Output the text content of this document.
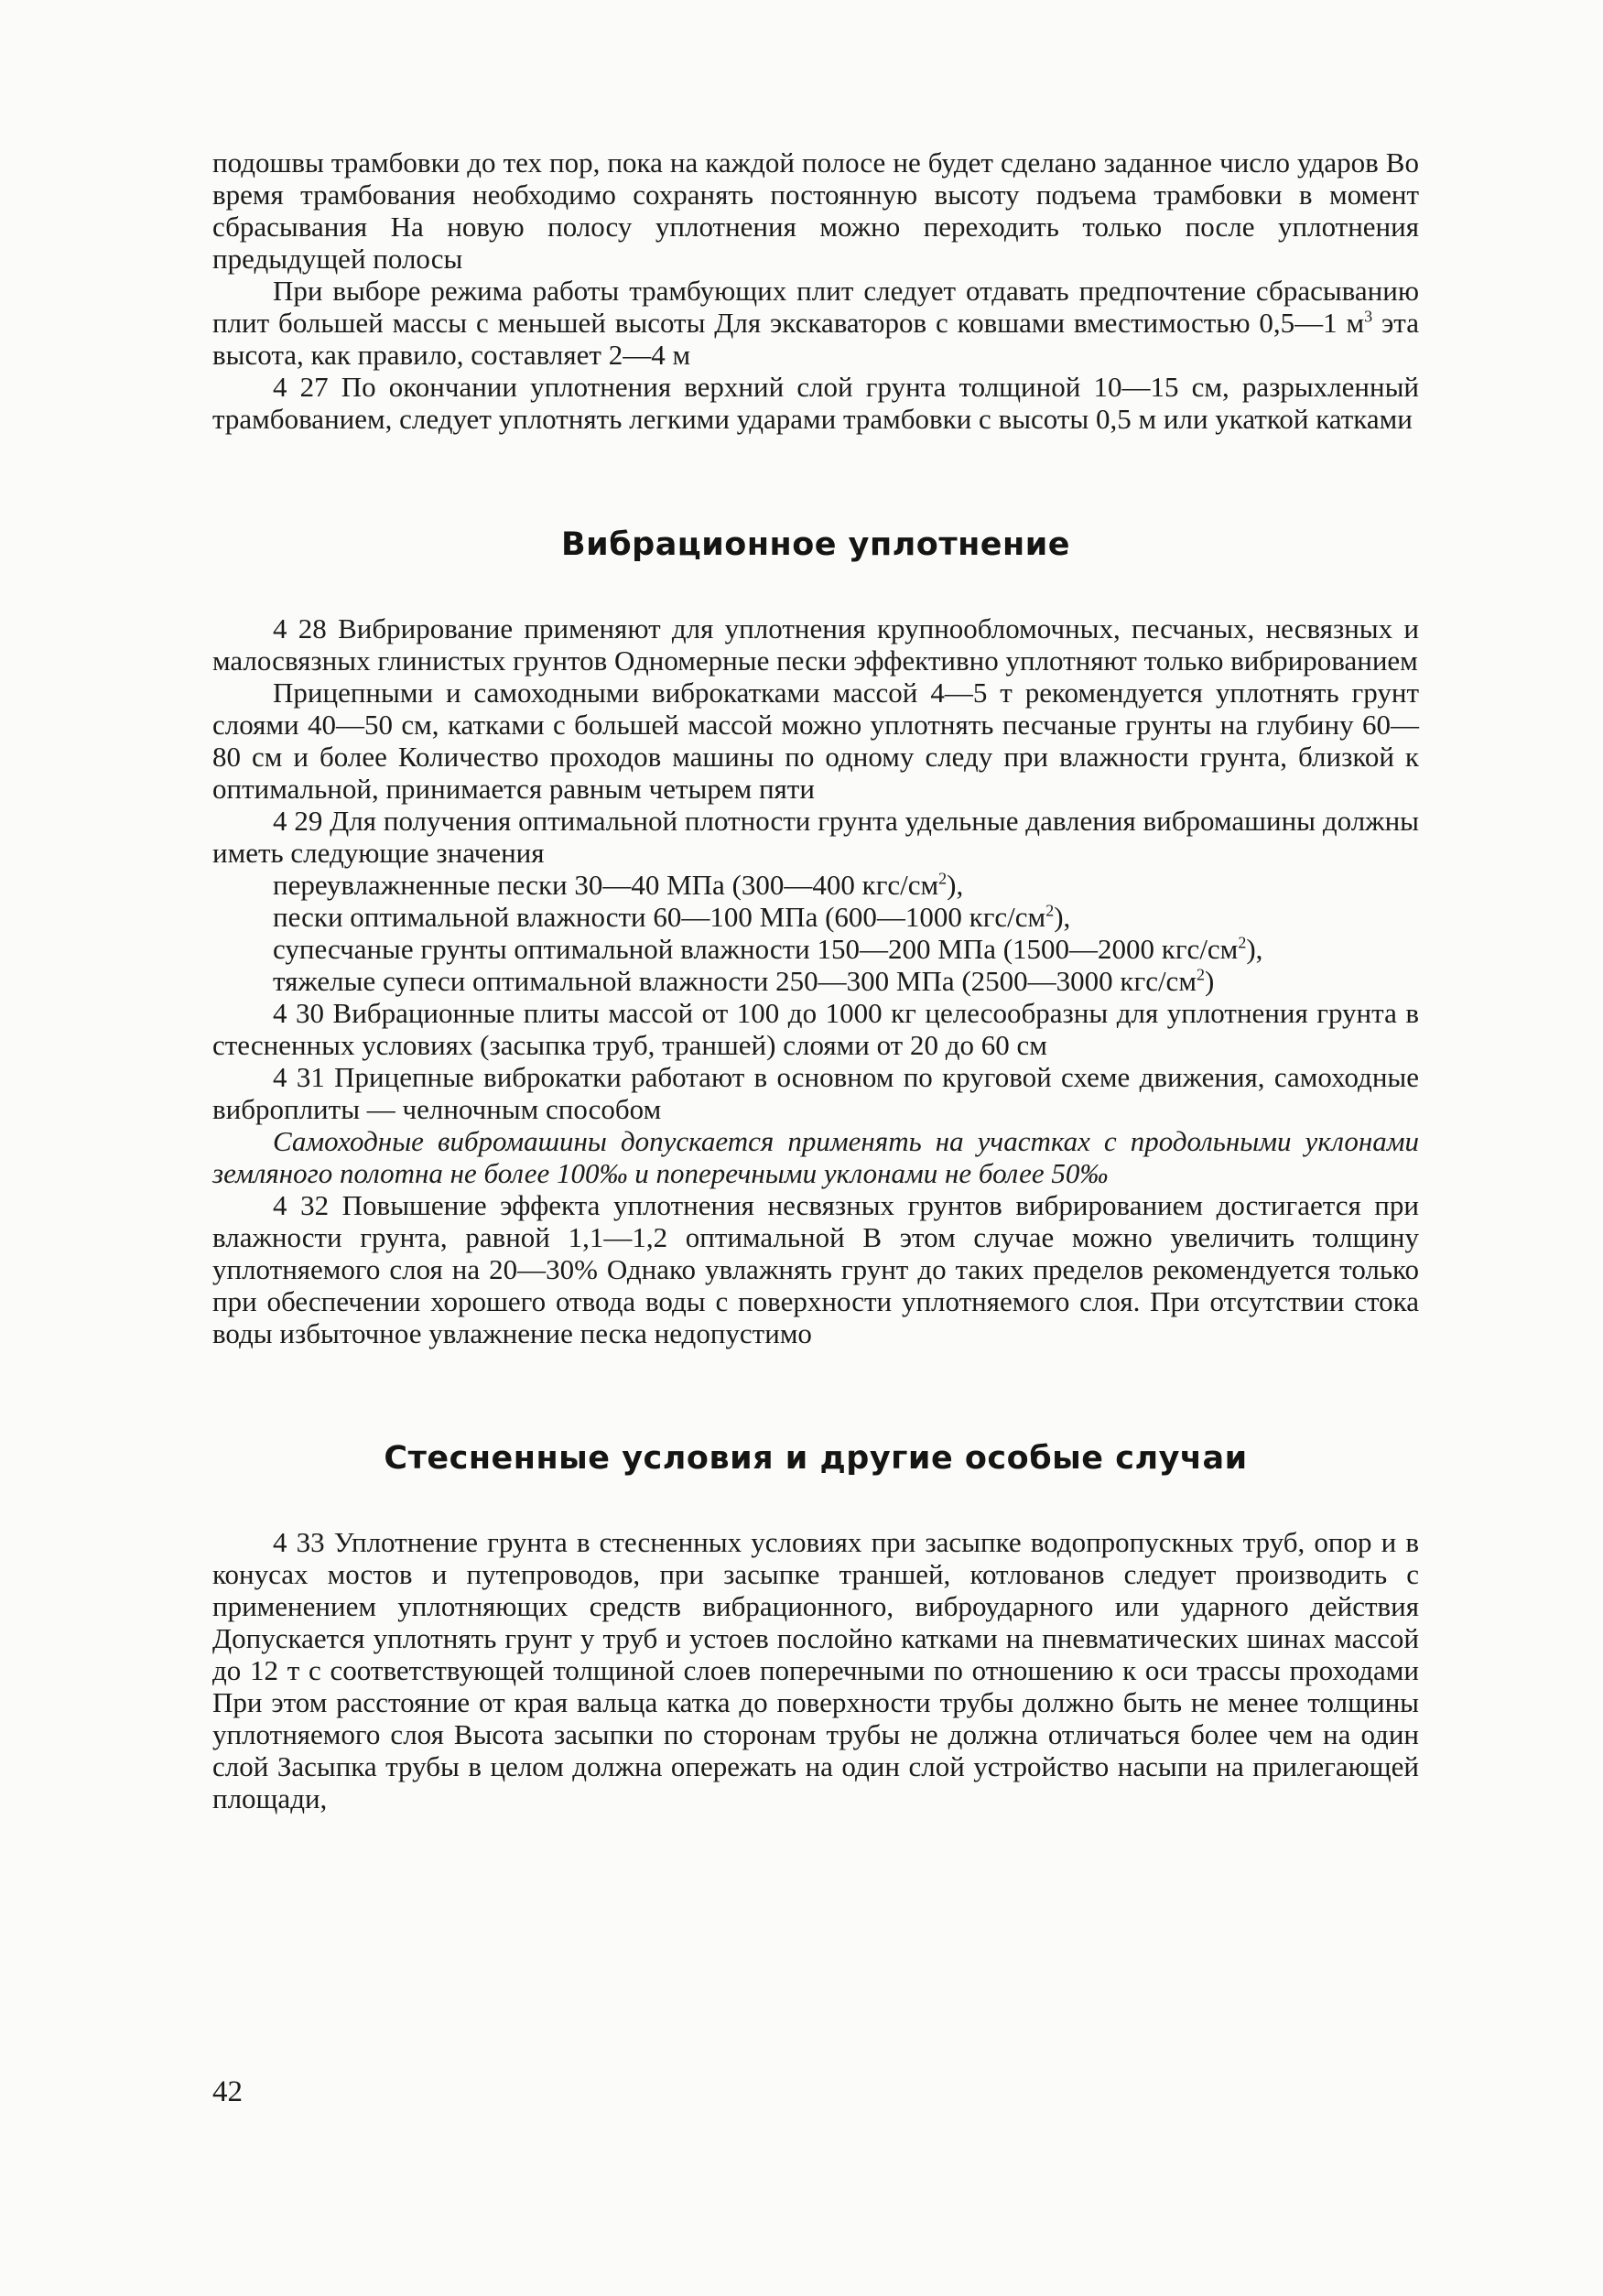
подошвы трамбовки до тех пор, пока на каждой полосе не будет сделано заданное число ударов Во время трамбования необходимо сохранять постоянную высоту подъема трамбовки в момент сбрасывания На новую полосу уплотнения можно переходить только после уплотнения предыдущей полосы

При выборе режима работы трамбующих плит следует отдавать предпочтение сбрасыванию плит большей массы с меньшей высоты Для экскаваторов с ковшами вместимостью 0,5—1 $м^3$ эта высота, как правило, составляет 2—4 м

4 27 По окончании уплотнения верхний слой грунта толщиной 10—15 см, разрыхленный трамбованием, следует уплотнять легкими ударами трамбовки с высоты 0,5 м или укаткой катками

Вибрационное уплотнение

4 28 Вибрирование применяют для уплотнения крупнообломочных, песчаных, несвязных и малосвязных глинистых грунтов Одномерные пески эффективно уплотняют только вибрированием

Прицепными и самоходными виброкатками массой 4—5 т рекомендуется уплотнять грунт слоями 40—50 см, катками с большей массой можно уплотнять песчаные грунты на глубину 60—80 см и более Количество проходов машины по одному следу при влажности грунта, близкой к оптимальной, принимается равным четырем пяти

4 29 Для получения оптимальной плотности грунта удельные давления вибромашины должны иметь следующие значения

переувлажненные пески 30—40 МПа (300—400 кгс/$см^2$),

пески оптимальной влажности 60—100 МПа (600—1000 кгс/$см^2$),

супесчаные грунты оптимальной влажности 150—200 МПа (1500—2000 кгс/$см^2$),

тяжелые супеси оптимальной влажности 250—300 МПа (2500—3000 кгс/$см^2$)

4 30 Вибрационные плиты массой от 100 до 1000 кг целесообразны для уплотнения грунта в стесненных условиях (засыпка труб, траншей) слоями от 20 до 60 см

4 31 Прицепные виброкатки работают в основном по круговой схеме движения, самоходные виброплиты — челночным способом

Самоходные вибромашины допускается применять на участках с продольными уклонами земляного полотна не более 100‰ и поперечными уклонами не более 50‰

4 32 Повышение эффекта уплотнения несвязных грунтов вибрированием достигается при влажности грунта, равной 1,1—1,2 оптимальной В этом случае можно увеличить толщину уплотняемого слоя на 20—30% Однако увлажнять грунт до таких пределов рекомендуется только при обеспечении хорошего отвода воды с поверхности уплотняемого слоя. При отсутствии стока воды избыточное увлажнение песка недопустимо

Стесненные условия и другие особые случаи

4 33 Уплотнение грунта в стесненных условиях при засыпке водопропускных труб, опор и в конусах мостов и путепроводов, при засыпке траншей, котлованов следует производить с применением уплотняющих средств вибрационного, виброударного или ударного действия Допускается уплотнять грунт у труб и устоев послойно катками на пневматических шинах массой до 12 т с соответствующей толщиной слоев поперечными по отношению к оси трассы проходами При этом расстояние от края вальца катка до поверхности трубы должно быть не менее толщины уплотняемого слоя Высота засыпки по сторонам трубы не должна отличаться более чем на один слой Засыпка трубы в целом должна опережать на один слой устройство насыпи на прилегающей площади,

42
